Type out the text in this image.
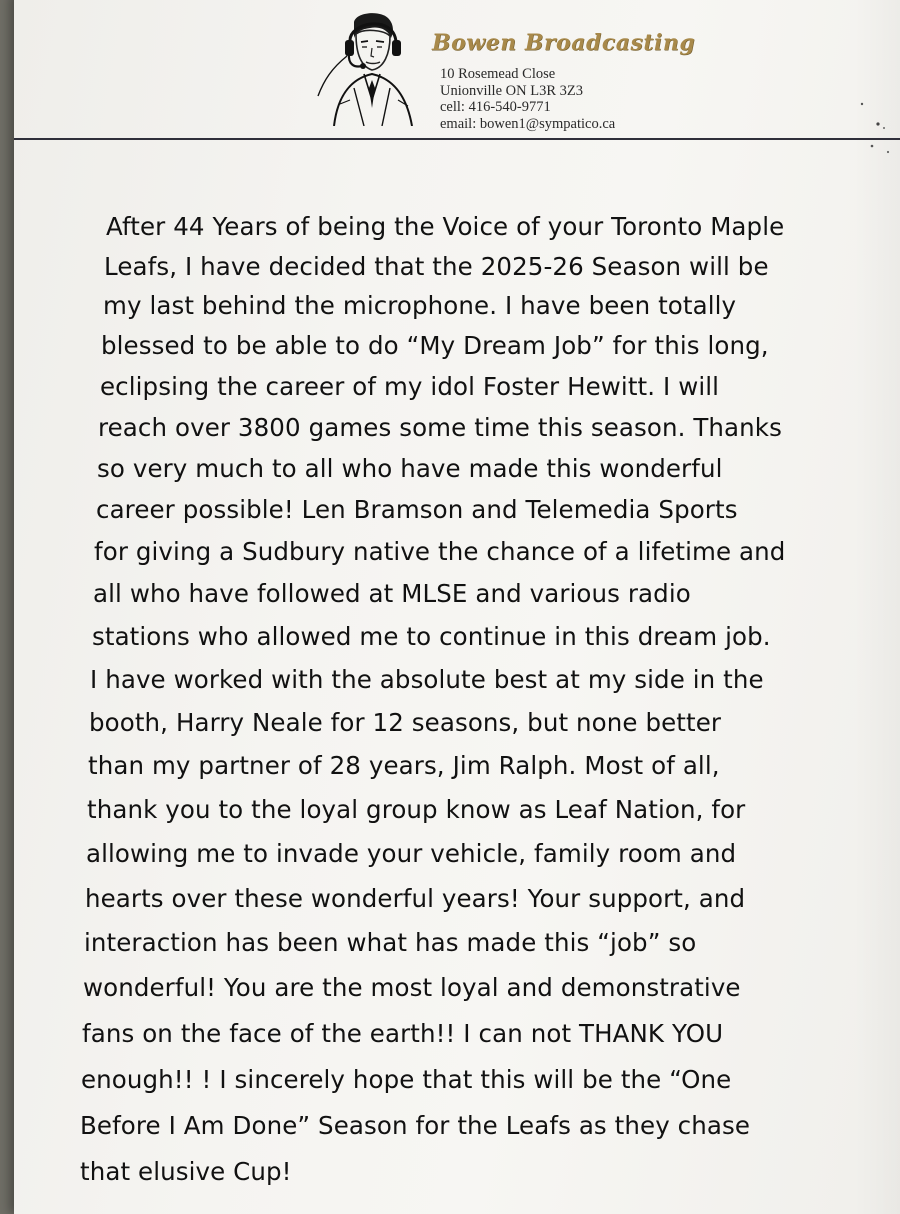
Bowen Broadcasting
10 Rosemead Close
Unionville ON L3R 3Z3
cell: 416-540-9771
email: bowen1@sympatico.ca
After 44 Years of being the Voice of your Toronto Maple
Leafs, I have decided that the 2025-26 Season will be
my last behind the microphone. I have been totally
blessed to be able to do “My Dream Job” for this long,
eclipsing the career of my idol Foster Hewitt. I will
reach over 3800 games some time this season. Thanks
so very much to all who have made this wonderful
career possible! Len Bramson and Telemedia Sports
for giving a Sudbury native the chance of a lifetime and
all who have followed at MLSE and various radio
stations who allowed me to continue in this dream job.
I have worked with the absolute best at my side in the
booth, Harry Neale for 12 seasons, but none better
than my partner of 28 years, Jim Ralph. Most of all,
thank you to the loyal group know as Leaf Nation, for
allowing me to invade your vehicle, family room and
hearts over these wonderful years! Your support, and
interaction has been what has made this “job” so
wonderful! You are the most loyal and demonstrative
fans on the face of the earth!! I can not THANK YOU
enough!! ! I sincerely hope that this will be the “One
Before I Am Done” Season for the Leafs as they chase
that elusive Cup!
